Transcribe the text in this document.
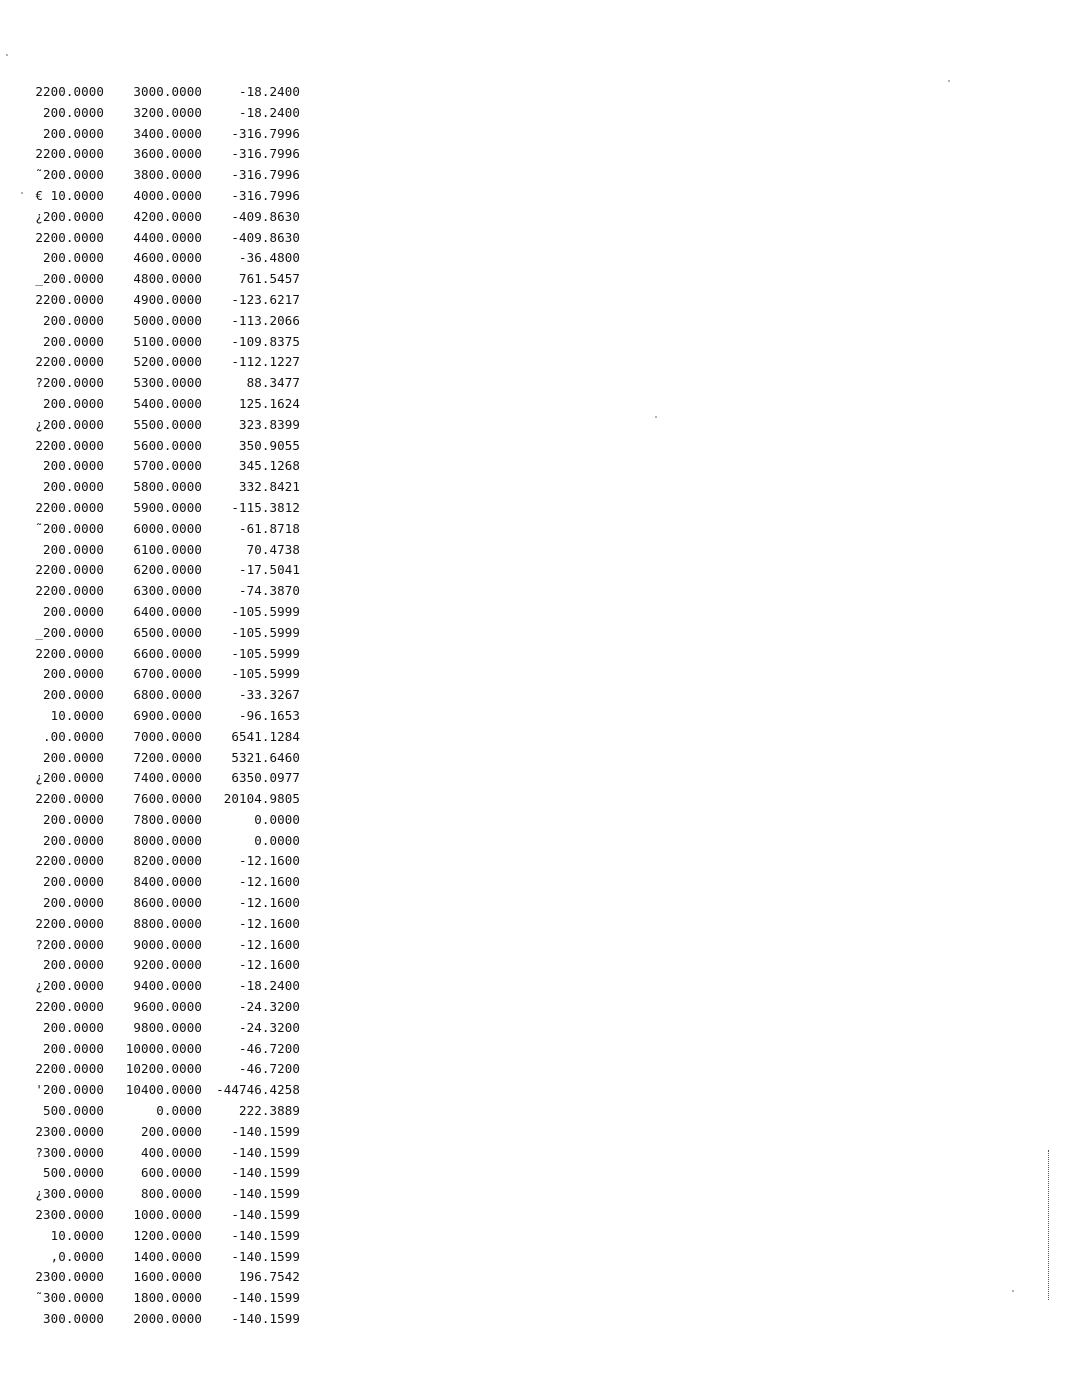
2200.0000	3000.0000	-18.2400
200.0000	3200.0000	-18.2400
200.0000	3400.0000	-316.7996
2200.0000	3600.0000	-316.7996
˜200.0000	3800.0000	-316.7996
€ 10.0000	4000.0000	-316.7996
¿200.0000	4200.0000	-409.8630
2200.0000	4400.0000	-409.8630
200.0000	4600.0000	-36.4800
_200.0000	4800.0000	761.5457
2200.0000	4900.0000	-123.6217
200.0000	5000.0000	-113.2066
200.0000	5100.0000	-109.8375
2200.0000	5200.0000	-112.1227
?200.0000	5300.0000	88.3477
200.0000	5400.0000	125.1624
¿200.0000	5500.0000	323.8399
2200.0000	5600.0000	350.9055
200.0000	5700.0000	345.1268
200.0000	5800.0000	332.8421
2200.0000	5900.0000	-115.3812
˜200.0000	6000.0000	-61.8718
200.0000	6100.0000	70.4738
2200.0000	6200.0000	-17.5041
2200.0000	6300.0000	-74.3870
200.0000	6400.0000	-105.5999
_200.0000	6500.0000	-105.5999
2200.0000	6600.0000	-105.5999
200.0000	6700.0000	-105.5999
200.0000	6800.0000	-33.3267
10.0000	6900.0000	-96.1653
.00.0000	7000.0000	6541.1284
200.0000	7200.0000	5321.6460
¿200.0000	7400.0000	6350.0977
2200.0000	7600.0000	20104.9805
200.0000	7800.0000	0.0000
200.0000	8000.0000	0.0000
2200.0000	8200.0000	-12.1600
200.0000	8400.0000	-12.1600
200.0000	8600.0000	-12.1600
2200.0000	8800.0000	-12.1600
?200.0000	9000.0000	-12.1600
200.0000	9200.0000	-12.1600
¿200.0000	9400.0000	-18.2400
2200.0000	9600.0000	-24.3200
200.0000	9800.0000	-24.3200
200.0000	10000.0000	-46.7200
2200.0000	10200.0000	-46.7200
'200.0000	10400.0000	-44746.4258
500.0000	0.0000	222.3889
2300.0000	200.0000	-140.1599
?300.0000	400.0000	-140.1599
500.0000	600.0000	-140.1599
¿300.0000	800.0000	-140.1599
2300.0000	1000.0000	-140.1599
10.0000	1200.0000	-140.1599
,0.0000	1400.0000	-140.1599
2300.0000	1600.0000	196.7542
˜300.0000	1800.0000	-140.1599
300.0000	2000.0000	-140.1599
